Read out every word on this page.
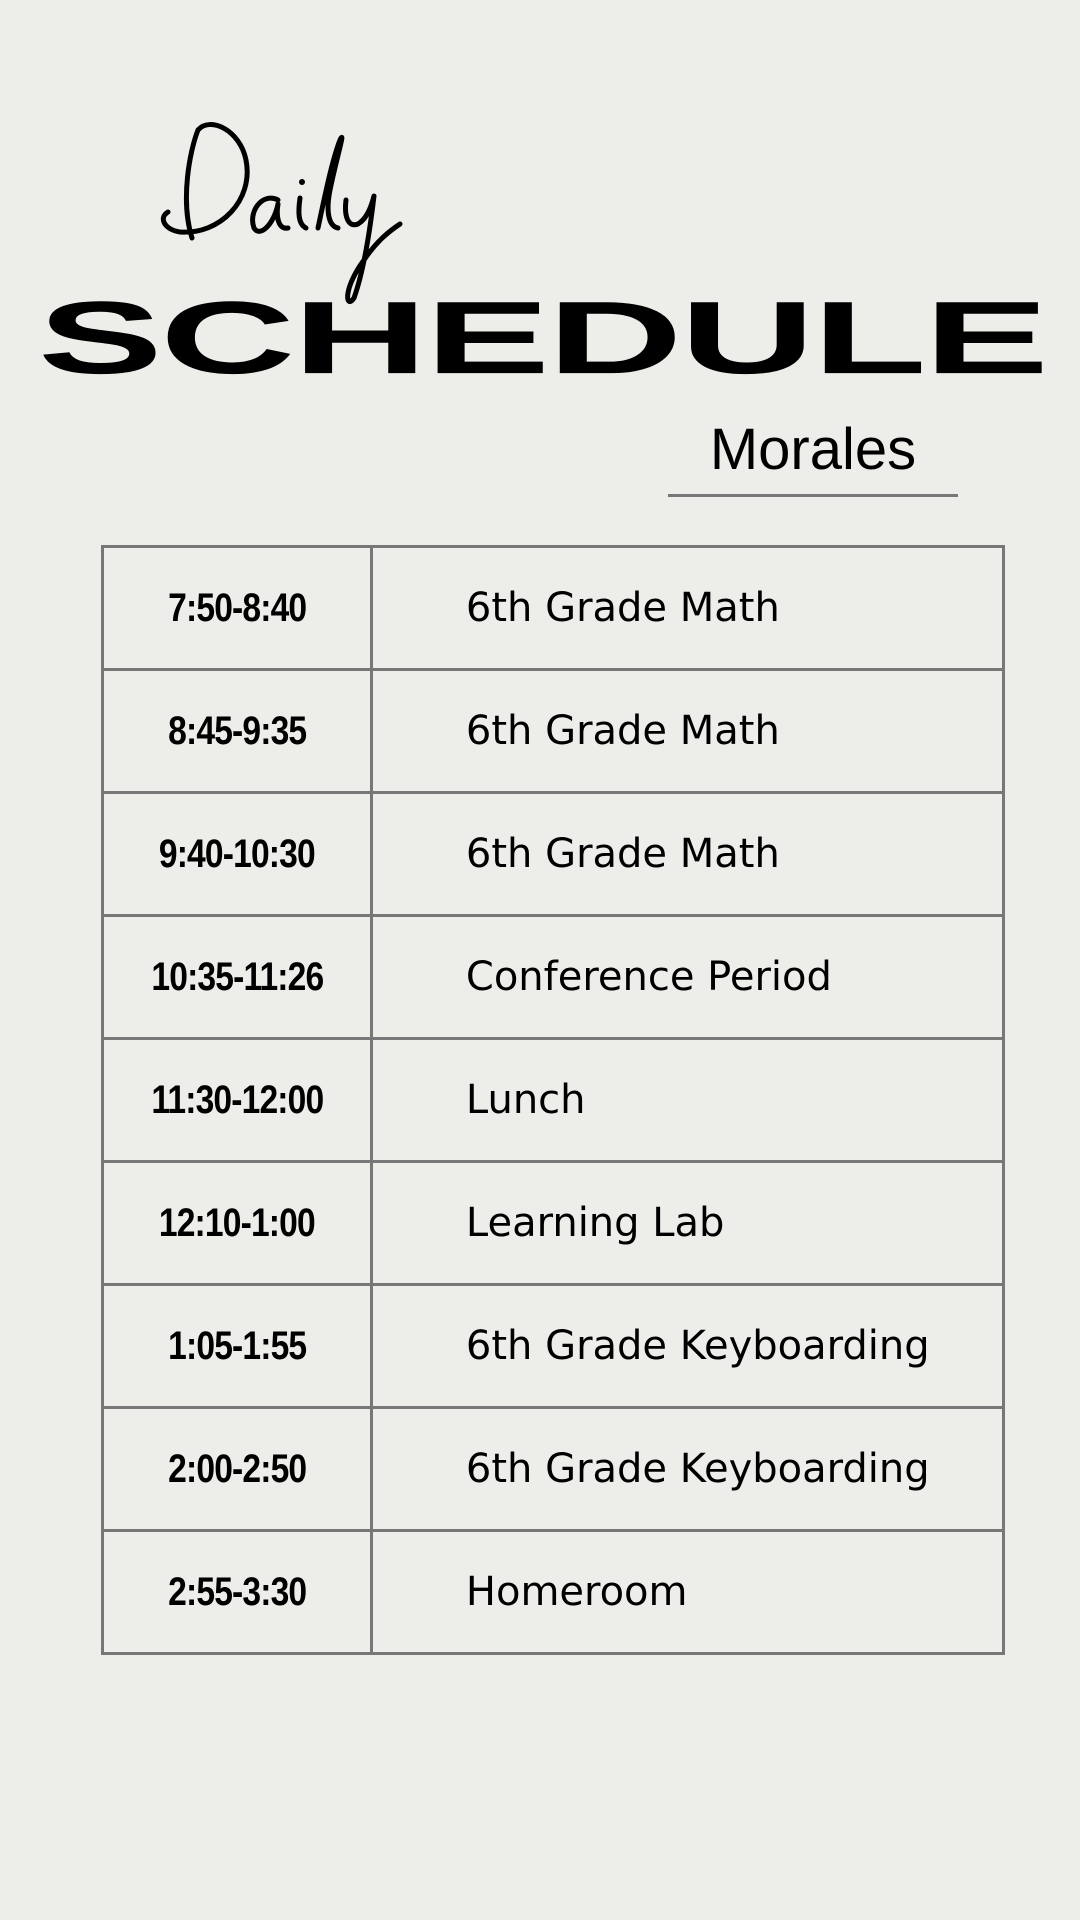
SCHEDULE
Morales
7:50-8:40	6th Grade Math
8:45-9:35	6th Grade Math
9:40-10:30	6th Grade Math
10:35-11:26	Conference Period
11:30-12:00	Lunch
12:10-1:00	Learning Lab
1:05-1:55	6th Grade Keyboarding
2:00-2:50	6th Grade Keyboarding
2:55-3:30	Homeroom
